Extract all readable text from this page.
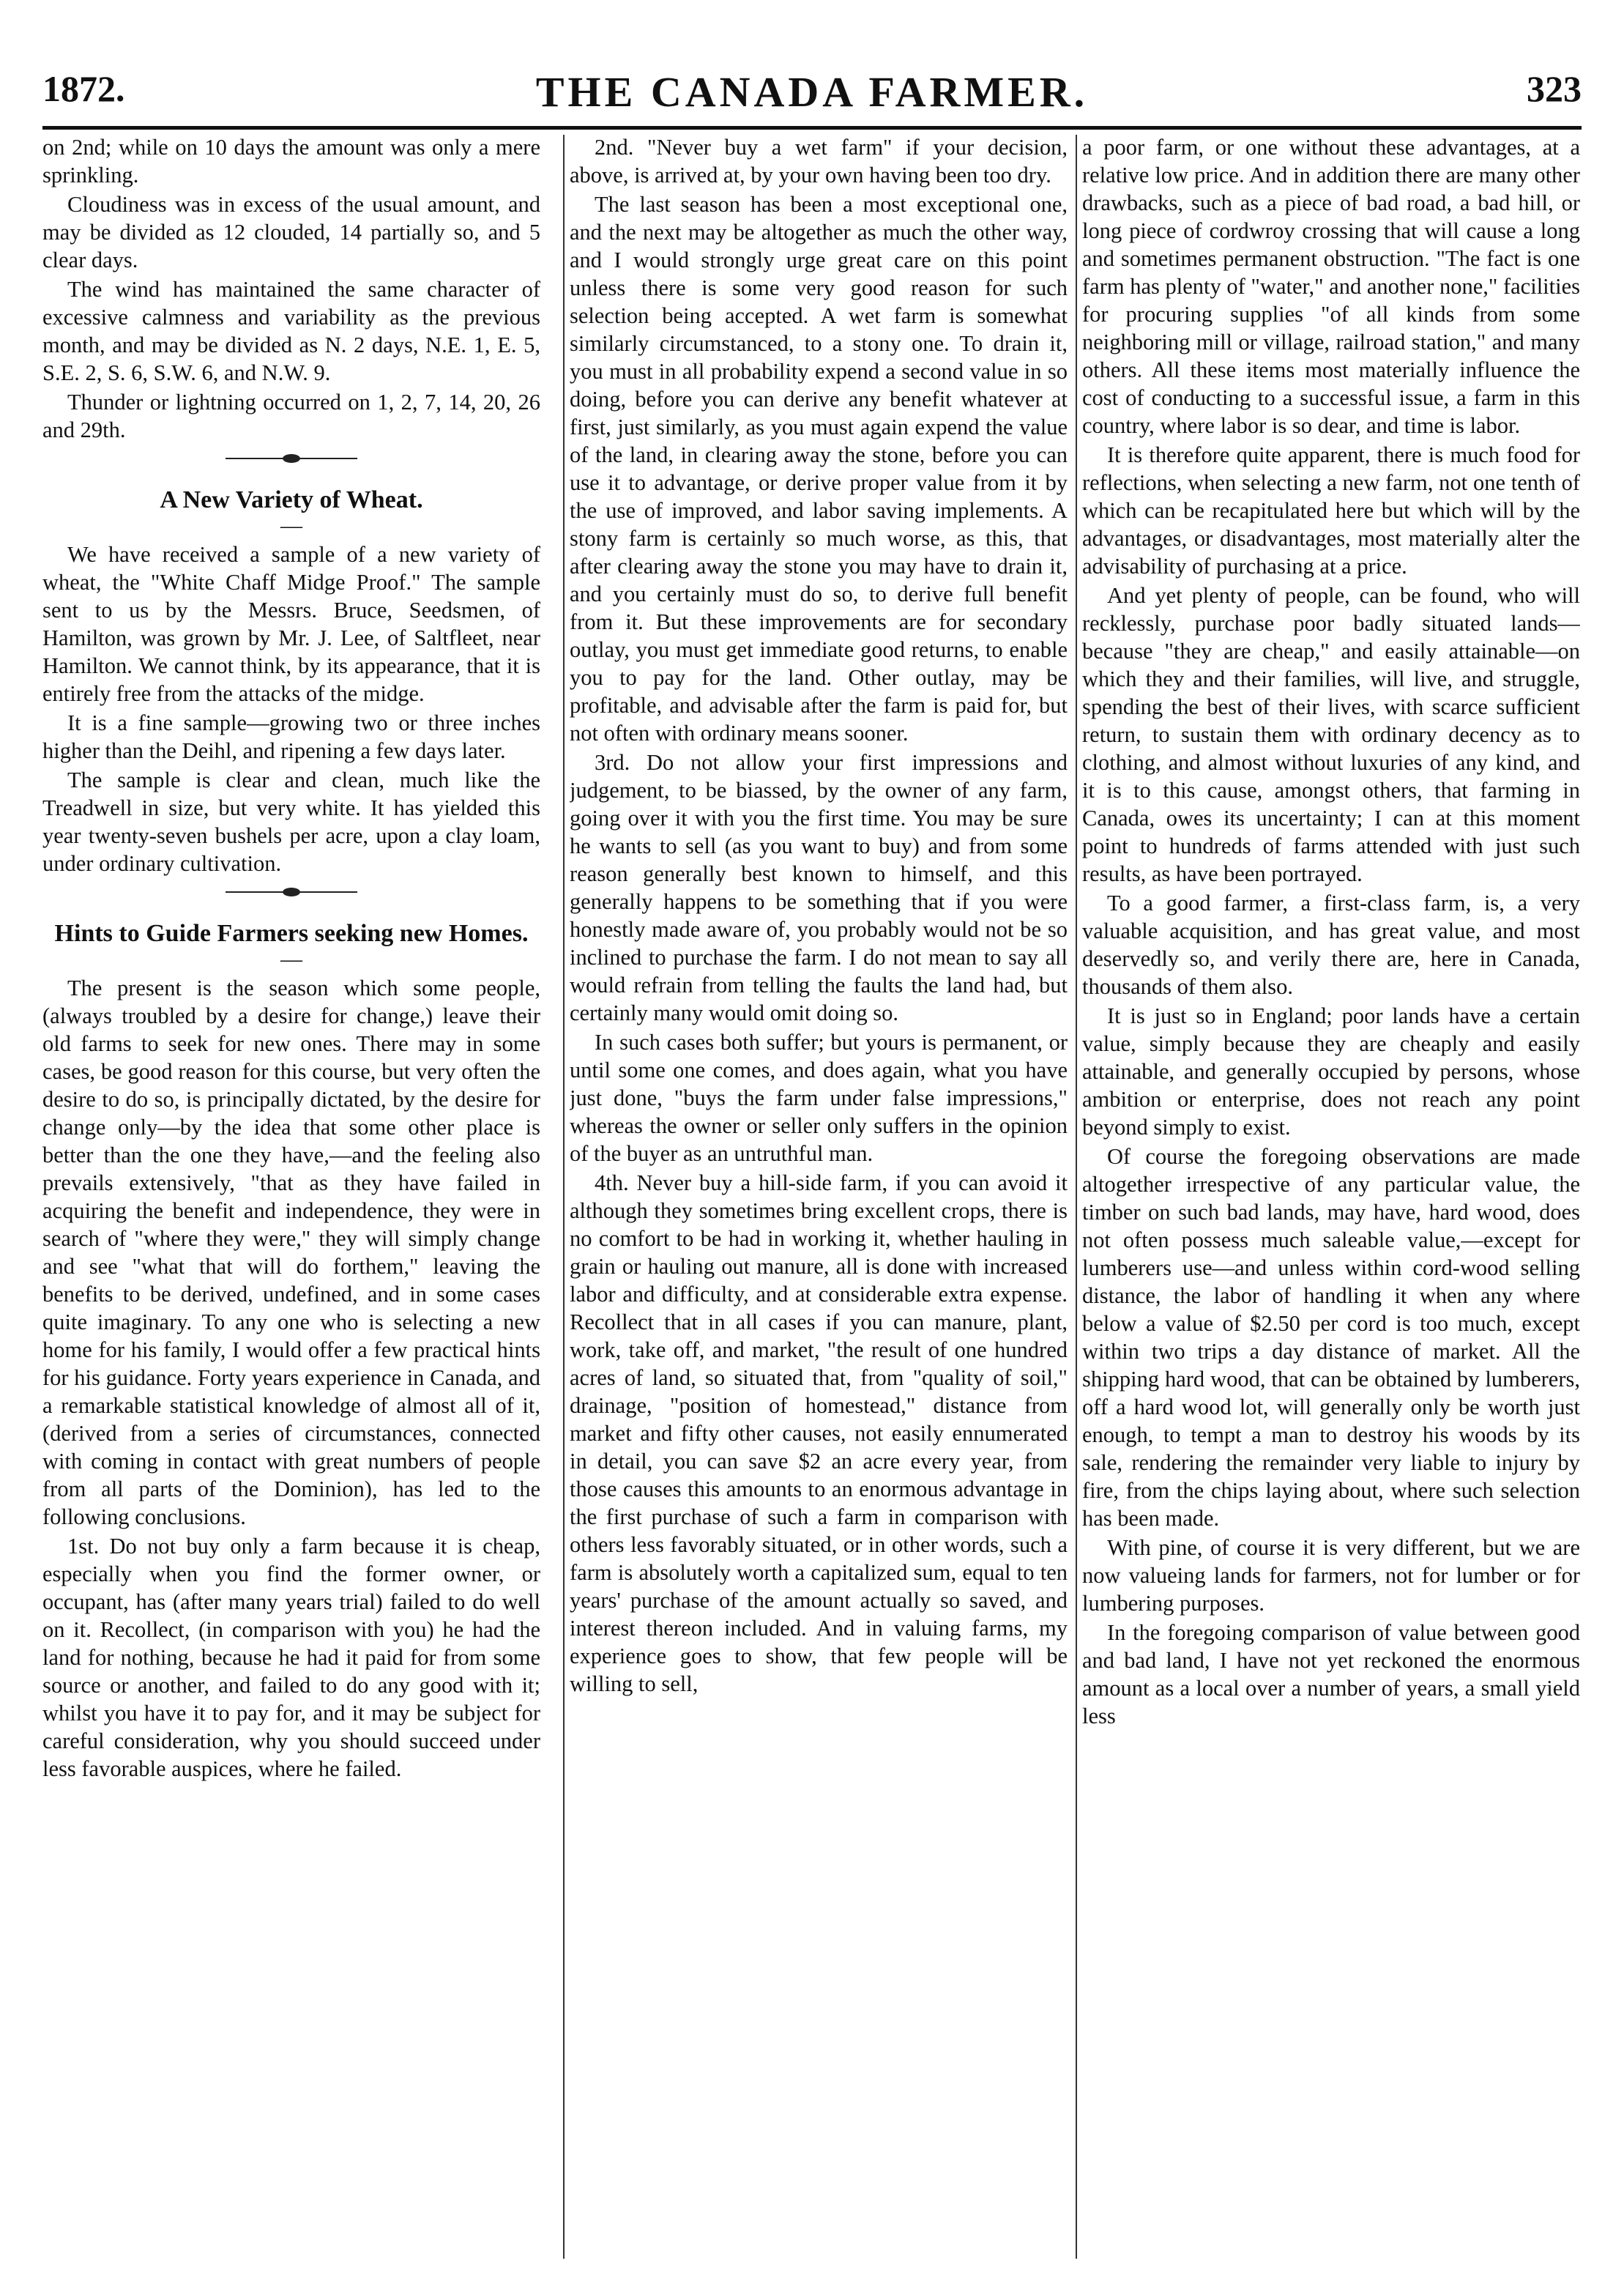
THE CANADA FARMER.
1872.	323

on 2nd; while on 10 days the amount was only a mere sprinkling.

Cloudiness was in excess of the usual amount, and may be divided as 12 clouded, 14 partially so, and 5 clear days.

The wind has maintained the same character of excessive calmness and variability as the previous month, and may be divided as N. 2 days, N.E. 1, E. 5, S.E. 2, S. 6, S.W. 6, and N.W. 9.

Thunder or lightning occurred on 1, 2, 7, 14, 20, 26 and 29th.

A New Variety of Wheat.
—

We have received a sample of a new variety of wheat, the "White Chaff Midge Proof." The sample sent to us by the Messrs. Bruce, Seedsmen, of Hamilton, was grown by Mr. J. Lee, of Saltfleet, near Hamilton. We cannot think, by its appearance, that it is entirely free from the attacks of the midge.

It is a fine sample—growing two or three inches higher than the Deihl, and ripening a few days later.

The sample is clear and clean, much like the Treadwell in size, but very white. It has yielded this year twenty-seven bushels per acre, upon a clay loam, under ordinary cultivation.

Hints to Guide Farmers seeking new Homes.
—

The present is the season which some people, (always troubled by a desire for change,) leave their old farms to seek for new ones. There may in some cases, be good reason for this course, but very often the desire to do so, is principally dictated, by the desire for change only—by the idea that some other place is better than the one they have,—and the feeling also prevails extensively, "that as they have failed in acquiring the benefit and independence, they were in search of "where they were," they will simply change and see "what that will do forthem," leaving the benefits to be derived, undefined, and in some cases quite imaginary. To any one who is selecting a new home for his family, I would offer a few practical hints for his guidance. Forty years experience in Canada, and a remarkable statistical knowledge of almost all of it, (derived from a series of circumstances, connected with coming in contact with great numbers of people from all parts of the Dominion), has led to the following conclusions.

1st. Do not buy only a farm because it is cheap, especially when you find the former owner, or occupant, has (after many years trial) failed to do well on it. Recollect, (in comparison with you) he had the land for nothing, because he had it paid for from some source or another, and failed to do any good with it; whilst you have it to pay for, and it may be subject for careful consideration, why you should succeed under less favorable auspices, where he failed.

2nd. "Never buy a wet farm" if your decision, above, is arrived at, by your own having been too dry.

The last season has been a most exceptional one, and the next may be altogether as much the other way, and I would strongly urge great care on this point unless there is some very good reason for such selection being accepted. A wet farm is somewhat similarly circumstanced, to a stony one. To drain it, you must in all probability expend a second value in so doing, before you can derive any benefit whatever at first, just similarly, as you must again expend the value of the land, in clearing away the stone, before you can use it to advantage, or derive proper value from it by the use of improved, and labor saving implements. A stony farm is certainly so much worse, as this, that after clearing away the stone you may have to drain it, and you certainly must do so, to derive full benefit from it. But these improvements are for secondary outlay, you must get immediate good returns, to enable you to pay for the land. Other outlay, may be profitable, and advisable after the farm is paid for, but not often with ordinary means sooner.

3rd. Do not allow your first impressions and judgement, to be biassed, by the owner of any farm, going over it with you the first time. You may be sure he wants to sell (as you want to buy) and from some reason generally best known to himself, and this generally happens to be something that if you were honestly made aware of, you probably would not be so inclined to purchase the farm. I do not mean to say all would refrain from telling the faults the land had, but certainly many would omit doing so.

In such cases both suffer; but yours is permanent, or until some one comes, and does again, what you have just done, "buys the farm under false impressions," whereas the owner or seller only suffers in the opinion of the buyer as an untruthful man.

4th. Never buy a hill-side farm, if you can avoid it although they sometimes bring excellent crops, there is no comfort to be had in working it, whether hauling in grain or hauling out manure, all is done with increased labor and difficulty, and at considerable extra expense. Recollect that in all cases if you can manure, plant, work, take off, and market, "the result of one hundred acres of land, so situated that, from "quality of soil," drainage, "position of homestead," distance from market and fifty other causes, not easily ennumerated in detail, you can save $2 an acre every year, from those causes this amounts to an enormous advantage in the first purchase of such a farm in comparison with others less favorably situated, or in other words, such a farm is absolutely worth a capitalized sum, equal to ten years' purchase of the amount actually so saved, and interest thereon included. And in valuing farms, my experience goes to show, that few people will be willing to sell,

a poor farm, or one without these advantages, at a relative low price. And in addition there are many other drawbacks, such as a piece of bad road, a bad hill, or long piece of cordwroy crossing that will cause a long and sometimes permanent obstruction. "The fact is one farm has plenty of "water," and another none," facilities for procuring supplies "of all kinds from some neighboring mill or village, railroad station," and many others. All these items most materially influence the cost of conducting to a successful issue, a farm in this country, where labor is so dear, and time is labor.

It is therefore quite apparent, there is much food for reflections, when selecting a new farm, not one tenth of which can be recapitulated here but which will by the advantages, or disadvantages, most materially alter the advisability of purchasing at a price.

And yet plenty of people, can be found, who will recklessly, purchase poor badly situated lands—because "they are cheap," and easily attainable—on which they and their families, will live, and struggle, spending the best of their lives, with scarce sufficient return, to sustain them with ordinary decency as to clothing, and almost without luxuries of any kind, and it is to this cause, amongst others, that farming in Canada, owes its uncertainty; I can at this moment point to hundreds of farms attended with just such results, as have been portrayed.

To a good farmer, a first-class farm, is, a very valuable acquisition, and has great value, and most deservedly so, and verily there are, here in Canada, thousands of them also.

It is just so in England; poor lands have a certain value, simply because they are cheaply and easily attainable, and generally occupied by persons, whose ambition or enterprise, does not reach any point beyond simply to exist.

Of course the foregoing observations are made altogether irrespective of any particular value, the timber on such bad lands, may have, hard wood, does not often possess much saleable value,—except for lumberers use—and unless within cord-wood selling distance, the labor of handling it when any where below a value of $2.50 per cord is too much, except within two trips a day distance of market. All the shipping hard wood, that can be obtained by lumberers, off a hard wood lot, will generally only be worth just enough, to tempt a man to destroy his woods by its sale, rendering the remainder very liable to injury by fire, from the chips laying about, where such selection has been made.

With pine, of course it is very different, but we are now valueing lands for farmers, not for lumber or for lumbering purposes.

In the foregoing comparison of value between good and bad land, I have not yet reckoned the enormous amount as a local over a number of years, a small yield less
